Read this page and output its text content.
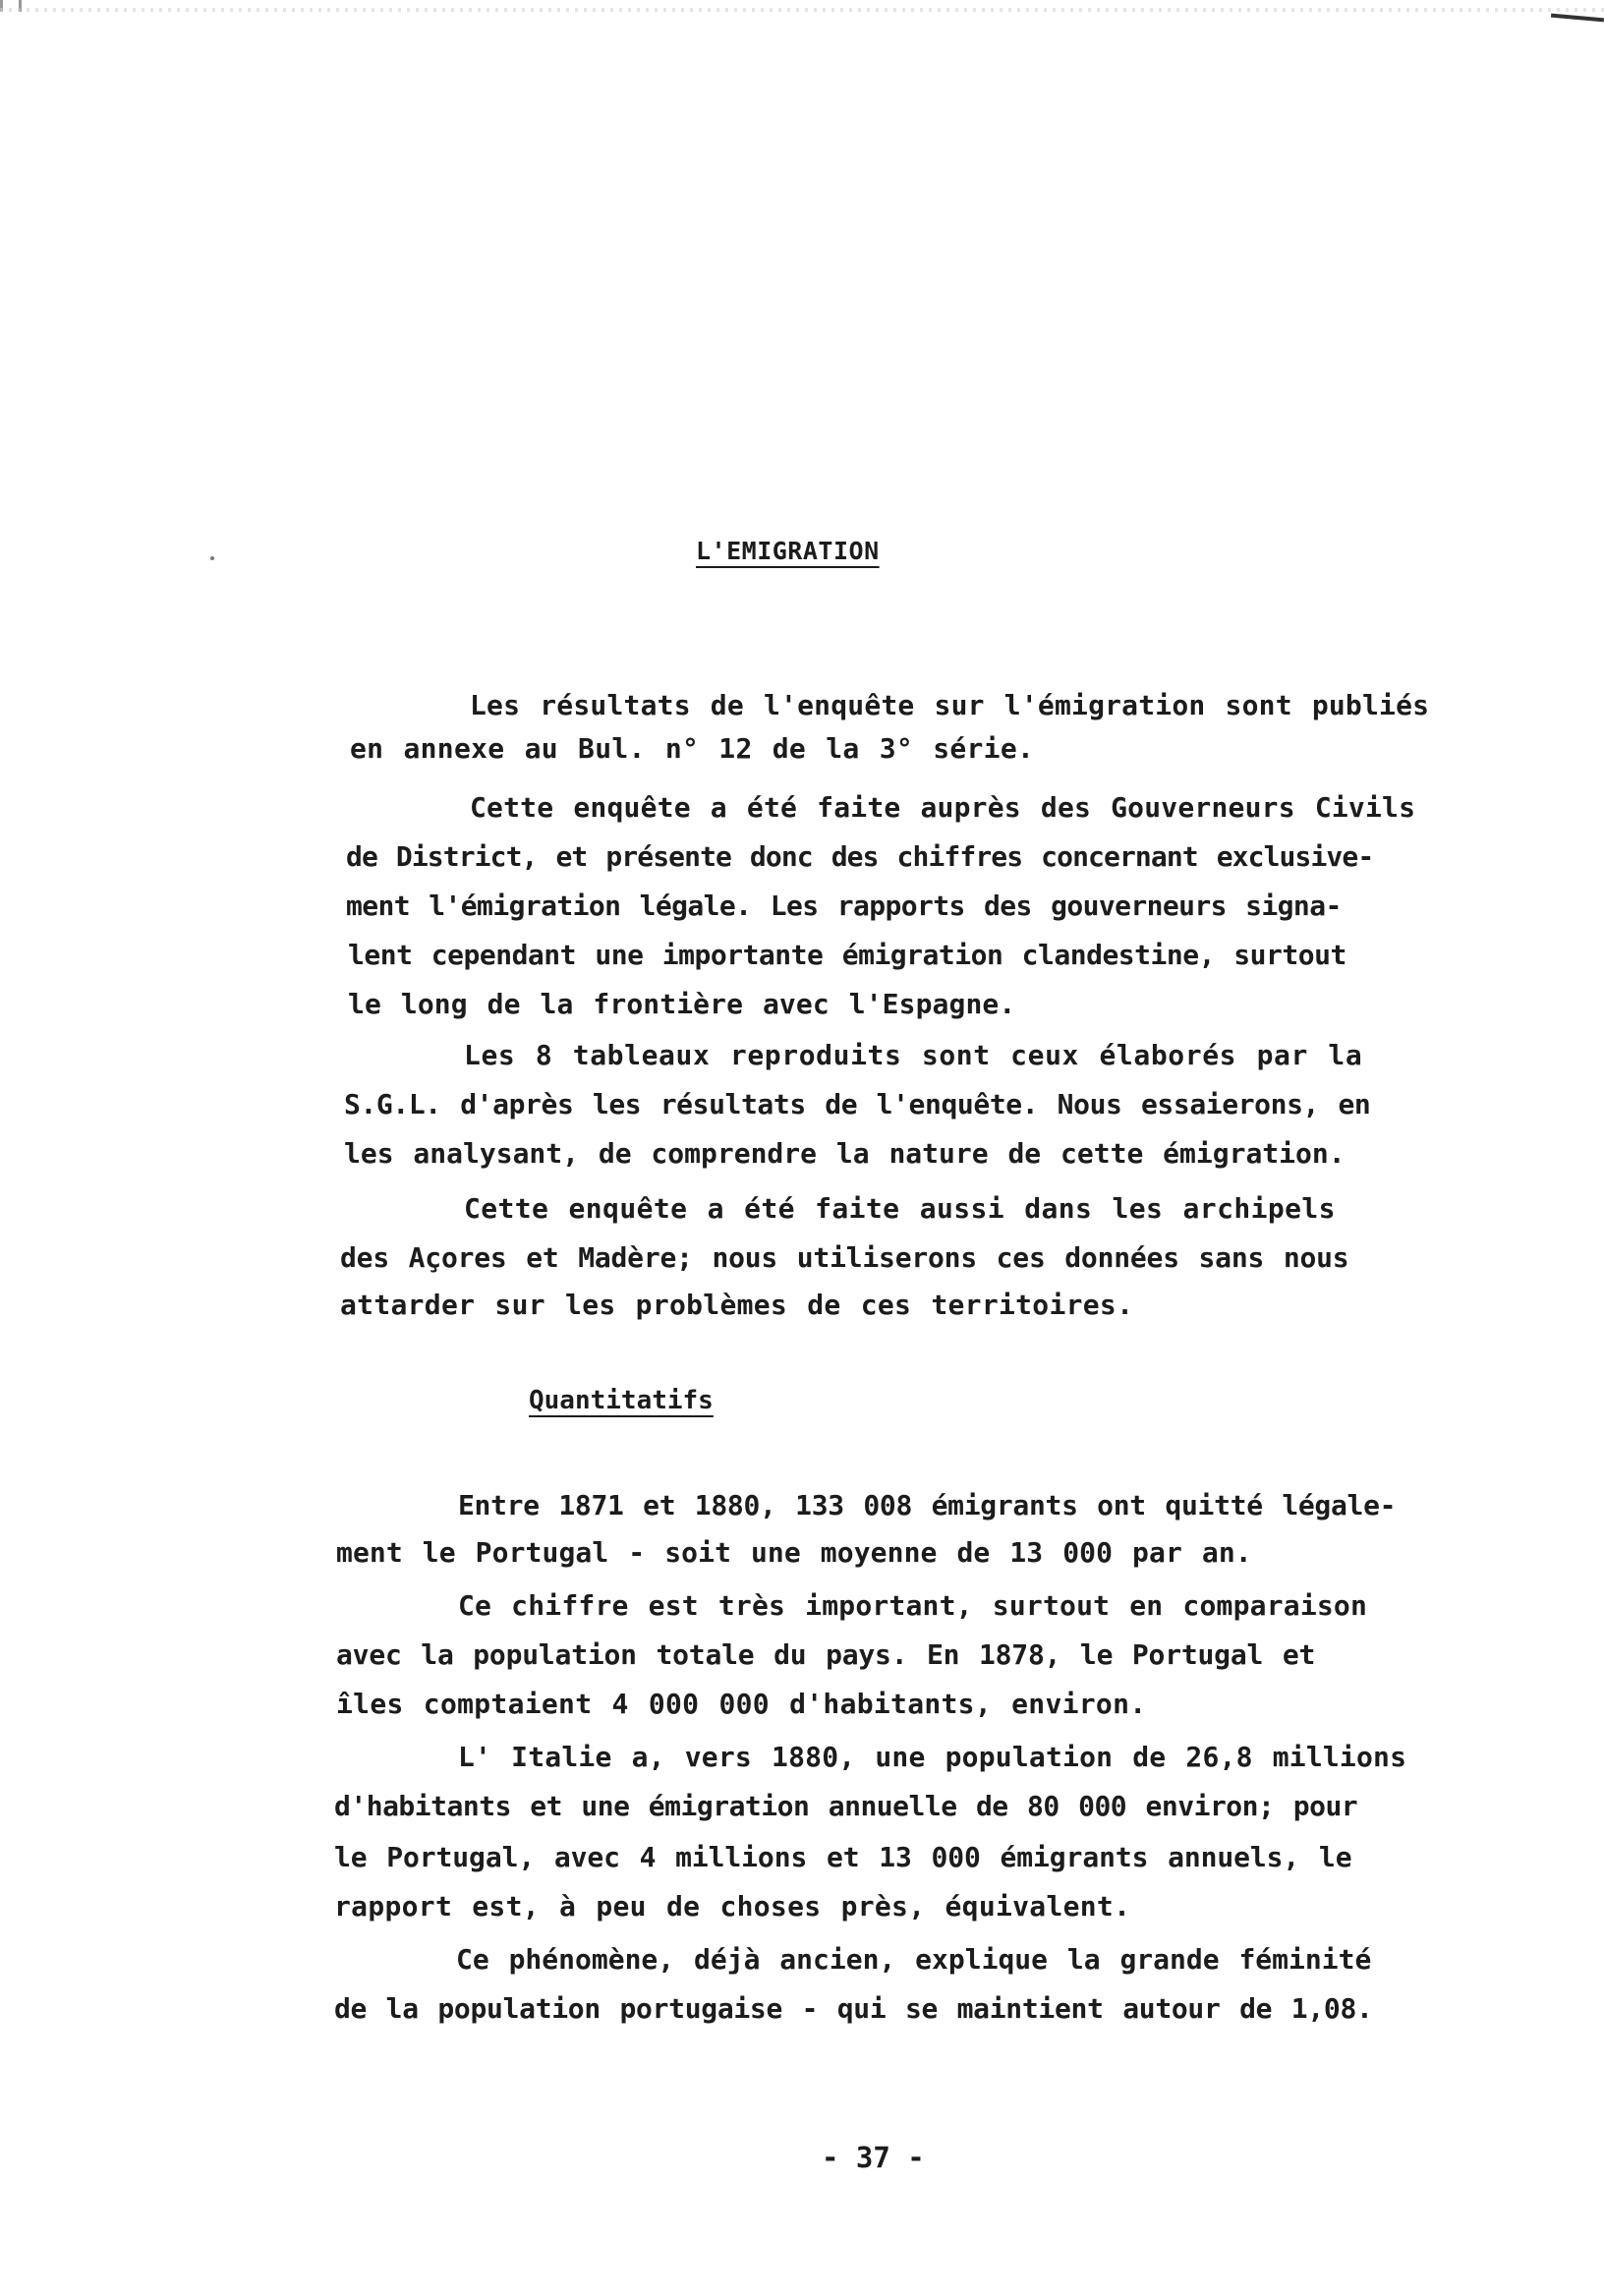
L'EMIGRATION

Les résultats de l'enquête sur l'émigration sont publiés

en annexe au Bul. n° 12 de la 3° série.

Cette enquête a été faite auprès des Gouverneurs Civils

de District, et présente donc des chiffres concernant exclusive-

ment l'émigration légale. Les rapports des gouverneurs signa-

lent cependant une importante émigration clandestine, surtout

le long de la frontière avec l'Espagne.

Les 8 tableaux reproduits sont ceux élaborés par la

S.G.L. d'après les résultats de l'enquête. Nous essaierons, en

les analysant, de comprendre la nature de cette émigration.

Cette enquête a été faite aussi dans les archipels

des Açores et Madère; nous utiliserons ces données sans nous

attarder sur les problèmes de ces territoires.

Quantitatifs

Entre 1871 et 1880, 133 008 émigrants ont quitté légale-

ment le Portugal - soit une moyenne de 13 000 par an.

Ce chiffre est très important, surtout en comparaison

avec la population totale du pays. En 1878, le Portugal et

îles comptaient 4 000 000 d'habitants, environ.

L' Italie a, vers 1880, une population de 26,8 millions

d'habitants et une émigration annuelle de 80 000 environ; pour

le Portugal, avec 4 millions et 13 000 émigrants annuels, le

rapport est, à peu de choses près, équivalent.

Ce phénomène, déjà ancien, explique la grande féminité

de la population portugaise - qui se maintient autour de 1,08.

- 37 -
